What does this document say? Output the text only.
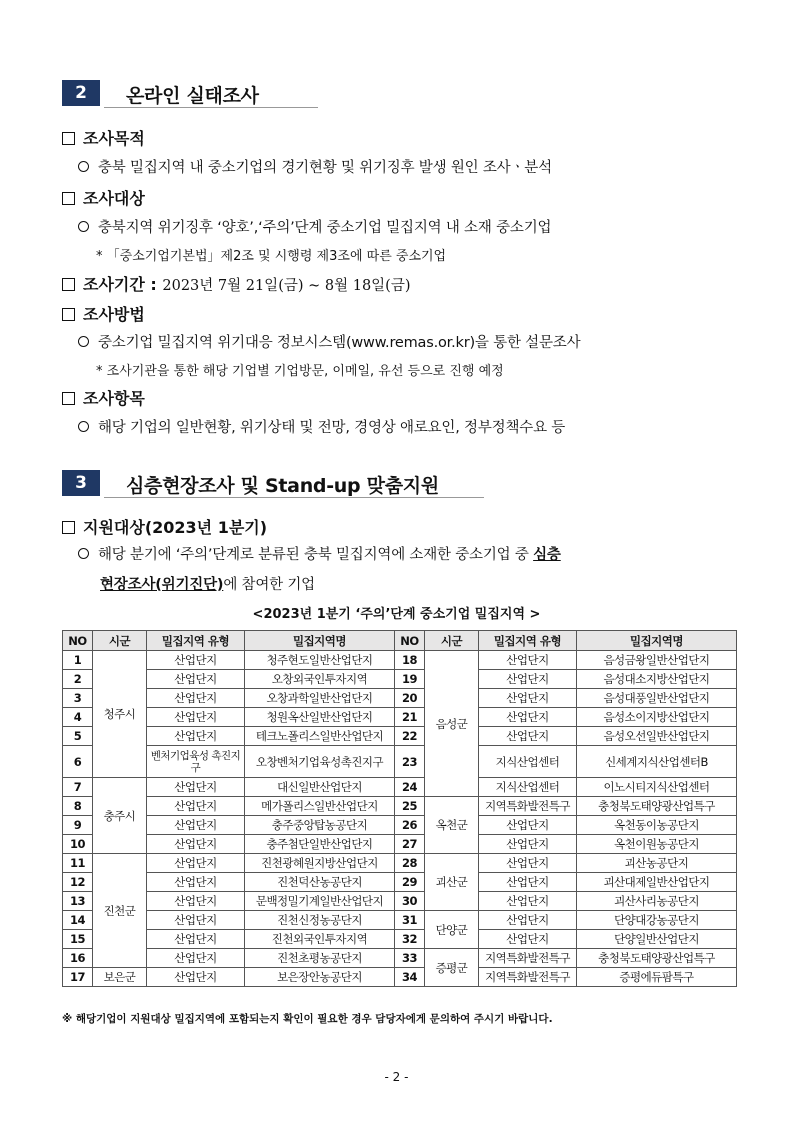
2	온라인 실태조사
조사목적
충북 밀집지역 내 중소기업의 경기현황 및 위기징후 발생 원인 조사ㆍ분석
조사대상
충북지역 위기징후 ‘양호’,‘주의’단계 중소기업 밀집지역 내 소재 중소기업
* 「중소기업기본법」제2조 및 시행령 제3조에 따른 중소기업
조사기간 : 2023년 7월 21일(금) ~ 8월 18일(금)
조사방법
중소기업 밀집지역 위기대응 정보시스템(www.remas.or.kr)을 통한 설문조사
* 조사기관을 통한 해당 기업별 기업방문, 이메일, 유선 등으로 진행 예정
조사항목
해당 기업의 일반현황, 위기상태 및 전망, 경영상 애로요인, 정부정책수요 등
3	심층현장조사 및 Stand-up 맞춤지원
지원대상(2023년 1분기)
해당 분기에 ‘주의’단계로 분류된 충북 밀집지역에 소재한 중소기업 중 심층
현장조사(위기진단)에 참여한 기업
<2023년 1분기 ‘주의’단계 중소기업 밀집지역 >
NO	시군	밀집지역 유형	밀집지역명	NO	시군	밀집지역 유형	밀집지역명
1	청주시	산업단지	청주현도일반산업단지	18	음성군	산업단지	음성금왕일반산업단지
2		산업단지	오창외국인투자지역	19		산업단지	음성대소지방산업단지
3		산업단지	오창과학일반산업단지	20		산업단지	음성대풍일반산업단지
4		산업단지	청원옥산일반산업단지	21		산업단지	음성소이지방산업단지
5		산업단지	테크노폴리스일반산업단지	22		산업단지	음성오선일반산업단지
6		벤처기업육성 촉진지구	오창벤처기업육성촉진지구	23		지식산업센터	신세계지식산업센터B
7	충주시	산업단지	대신일반산업단지	24		지식산업센터	이노시티지식산업센터
8		산업단지	메가폴리스일반산업단지	25	옥천군	지역특화발전특구	충청북도태양광산업특구
9		산업단지	충주중앙탑농공단지	26		산업단지	옥천동이농공단지
10		산업단지	충주첨단일반산업단지	27		산업단지	옥천이원농공단지
11	진천군	산업단지	진천광혜원지방산업단지	28	괴산군	산업단지	괴산농공단지
12		산업단지	진천덕산농공단지	29		산업단지	괴산대제일반산업단지
13		산업단지	문백정밀기계일반산업단지	30		산업단지	괴산사리농공단지
14		산업단지	진천신정농공단지	31	단양군	산업단지	단양대강농공단지
15		산업단지	진천외국인투자지역	32		산업단지	단양일반산업단지
16		산업단지	진천초평농공단지	33	증평군	지역특화발전특구	충청북도태양광산업특구
17	보은군	산업단지	보은장안농공단지	34		지역특화발전특구	증평에듀팜특구
※ 해당기업이 지원대상 밀집지역에 포함되는지 확인이 필요한 경우 담당자에게 문의하여 주시기 바랍니다.
- 2 -
